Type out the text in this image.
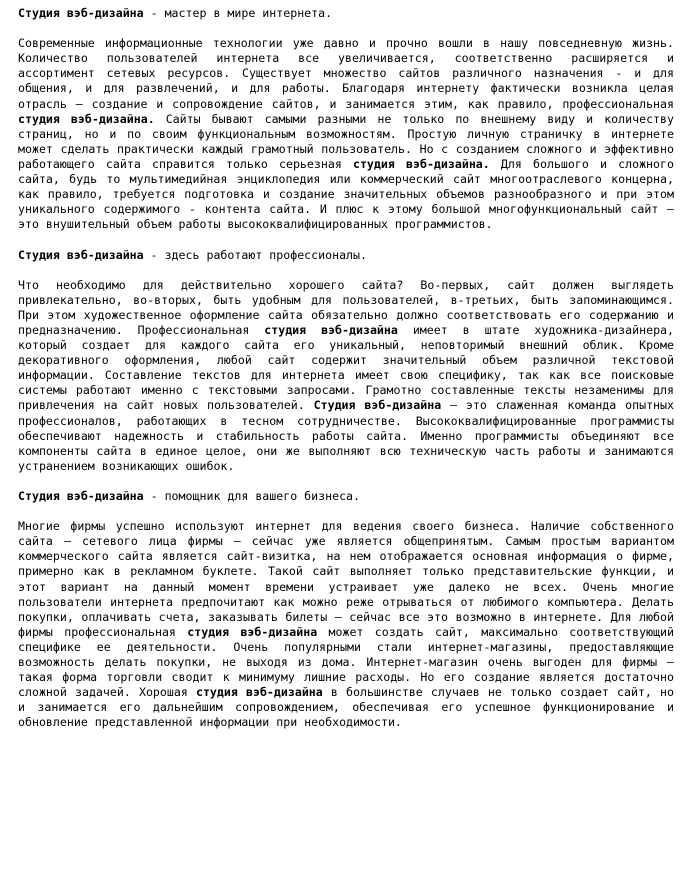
Студия вэб-дизайна - мастер в мире интернета.

Современные информационные технологии уже давно и прочно вошли в нашу повседневную жизнь. Количество пользователей интернета все увеличивается, соответственно расширяется и ассортимент сетевых ресурсов. Существует множество сайтов различного назначения - и для общения, и для развлечений, и для работы. Благодаря интернету фактически возникла целая отрасль — создание и сопровождение сайтов, и занимается этим, как правило, профессиональная студия вэб-дизайна. Сайты бывают самыми разными не только по внешнему виду и количеству страниц, но и по своим функциональным возможностям. Простую личную страничку в интернете может сделать практически каждый грамотный пользователь. Но с созданием сложного и эффективно работающего сайта справится только серьезная студия вэб-дизайна. Для большого и сложного сайта, будь то мультимедийная энциклопедия или коммерческий сайт многоотраслевого концерна, как правило, требуется подготовка и создание значительных объемов разнообразного и при этом уникального содержимого - контента сайта. И плюс к этому большой многофункциональный сайт — это внушительный объем работы высококвалифицированных программистов.

Студия вэб-дизайна - здесь работают профессионалы.

Что необходимо для действительно хорошего сайта? Во-первых, сайт должен выглядеть привлекательно, во-вторых, быть удобным для пользователей, в-третьих, быть запоминающимся. При этом художественное оформление сайта обязательно должно соответствовать его содержанию и предназначению. Профессиональная студия вэб-дизайна имеет в штате художника-дизайнера, который создает для каждого сайта его уникальный, неповторимый внешний облик. Кроме декоративного оформления, любой сайт содержит значительный объем различной текстовой информации. Составление текстов для интернета имеет свою специфику, так как все поисковые системы работают именно с текстовыми запросами. Грамотно составленные тексты незаменимы для привлечения на сайт новых пользователей. Студия вэб-дизайна — это слаженная команда опытных профессионалов, работающих в тесном сотрудничестве. Высококвалифицированные программисты обеспечивают надежность и стабильность работы сайта. Именно программисты объединяют все компоненты сайта в единое целое, они же выполняют всю техническую часть работы и занимаются устранением возникающих ошибок.

Студия вэб-дизайна - помощник для вашего бизнеса.

Многие фирмы успешно используют интернет для ведения своего бизнеса. Наличие собственного сайта — сетевого лица фирмы — сейчас уже является общепринятым. Самым простым вариантом коммерческого сайта является сайт-визитка, на нем отображается основная информация о фирме, примерно как в рекламном буклете. Такой сайт выполняет только представительские функции, и этот вариант на данный момент времени устраивает уже далеко не всех. Очень многие пользователи интернета предпочитают как можно реже отрываться от любимого компьютера. Делать покупки, оплачивать счета, заказывать билеты — сейчас все это возможно в интернете. Для любой фирмы профессиональная студия вэб-дизайна может создать сайт, максимально соответствующий специфике ее деятельности. Очень популярными стали интернет-магазины, предоставляющие возможность делать покупки, не выходя из дома. Интернет-магазин очень выгоден для фирмы — такая форма торговли сводит к минимуму лишние расходы. Но его создание является достаточно сложной задачей. Хорошая студия вэб-дизайна в большинстве случаев не только создает сайт, но и занимается его дальнейшим сопровождением, обеспечивая его успешное функционирование и обновление представленной информации при необходимости.
